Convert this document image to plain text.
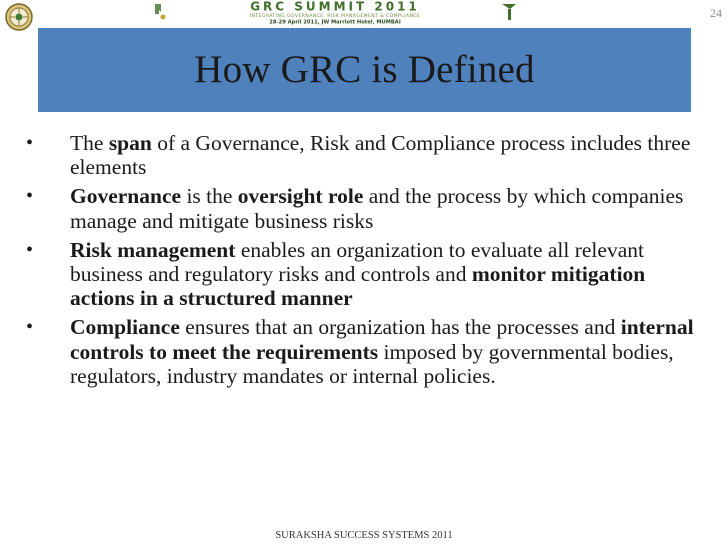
GRC SUMMIT 2011
INTEGRATING GOVERNANCE, RISK MANAGEMENT & COMPLIANCE
28-29 April 2011, JW Marriott Hotel, MUMBAI
24
How GRC is Defined
• The span of a Governance, Risk and Compliance process includes three elements
• Governance is the oversight role and the process by which companies manage and mitigate business risks
• Risk management enables an organization to evaluate all relevant business and regulatory risks and controls and monitor mitigation actions in a structured manner
• Compliance ensures that an organization has the processes and internal controls to meet the requirements imposed by governmental bodies, regulators, industry mandates or internal policies.
SURAKSHA SUCCESS SYSTEMS 2011
